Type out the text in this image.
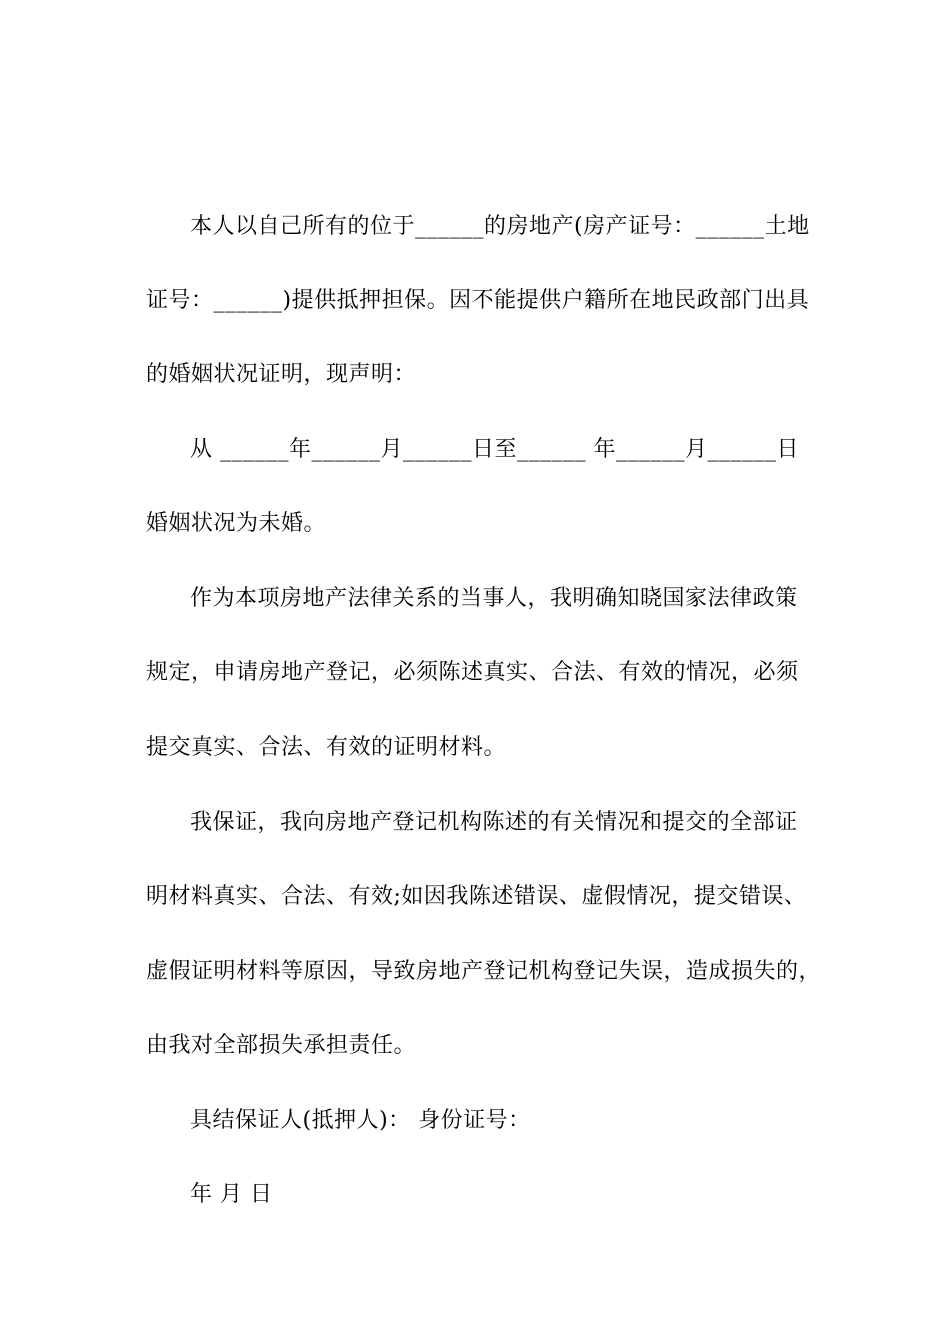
本人以自己所有的位于______的房地产(房产证号：______土地
证号：______)提供抵押担保。因不能提供户籍所在地民政部门出具
的婚姻状况证明，现声明：
从 ______年______月______日至______ 年______月______日
婚姻状况为未婚。
作为本项房地产法律关系的当事人，我明确知晓国家法律政策
规定，申请房地产登记，必须陈述真实、合法、有效的情况，必须
提交真实、合法、有效的证明材料。
我保证，我向房地产登记机构陈述的有关情况和提交的全部证
明材料真实、合法、有效;如因我陈述错误、虚假情况，提交错误、
虚假证明材料等原因，导致房地产登记机构登记失误，造成损失的，
由我对全部损失承担责任。
具结保证人(抵押人)： 身份证号：
年 月 日
